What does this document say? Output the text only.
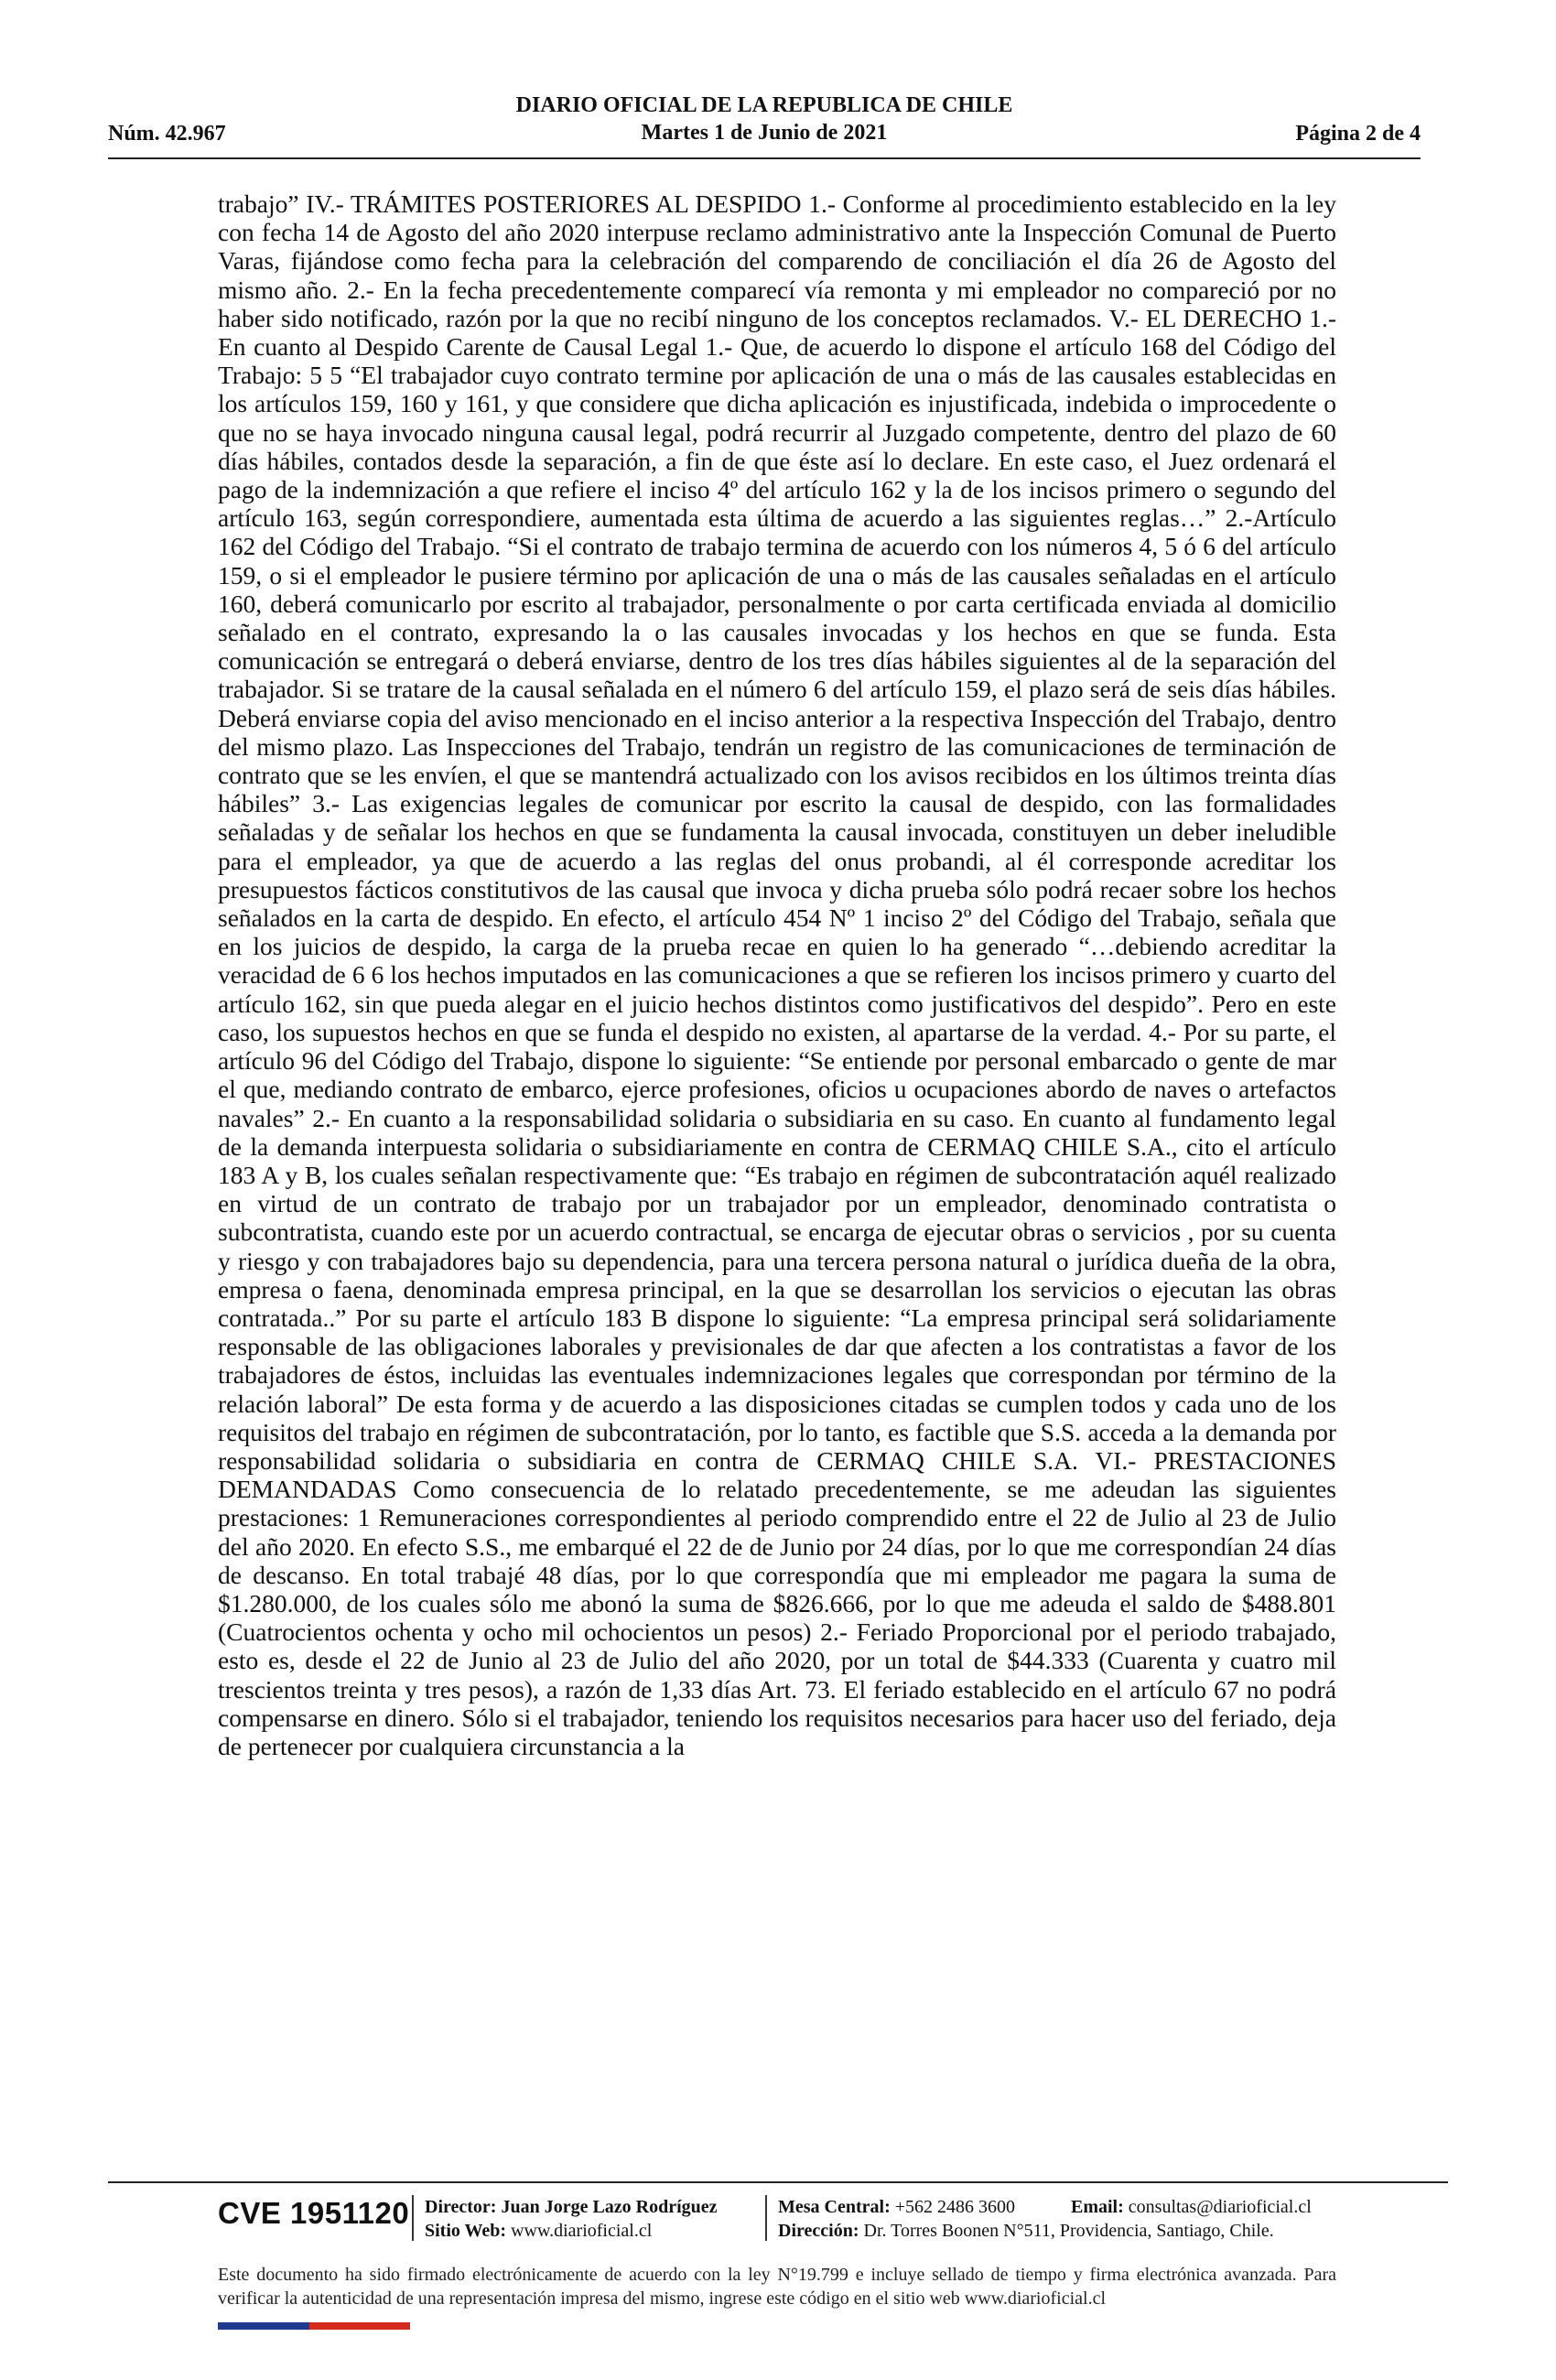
DIARIO OFICIAL DE LA REPUBLICA DE CHILE
Martes 1 de Junio de 2021
Núm. 42.967	Página 2 de 4
trabajo” IV.- TRÁMITES POSTERIORES AL DESPIDO 1.- Conforme al procedimiento establecido en la ley con fecha 14 de Agosto del año 2020 interpuse reclamo administrativo ante la Inspección Comunal de Puerto Varas, fijándose como fecha para la celebración del comparendo de conciliación el día 26 de Agosto del mismo año. 2.- En la fecha precedentemente comparecí vía remonta y mi empleador no compareció por no haber sido notificado, razón por la que no recibí ninguno de los conceptos reclamados. V.- EL DERECHO 1.- En cuanto al Despido Carente de Causal Legal 1.- Que, de acuerdo lo dispone el artículo 168 del Código del Trabajo: 5 5 “El trabajador cuyo contrato termine por aplicación de una o más de las causales establecidas en los artículos 159, 160 y 161, y que considere que dicha aplicación es injustificada, indebida o improcedente o que no se haya invocado ninguna causal legal, podrá recurrir al Juzgado competente, dentro del plazo de 60 días hábiles, contados desde la separación, a fin de que éste así lo declare. En este caso, el Juez ordenará el pago de la indemnización a que refiere el inciso 4º del artículo 162 y la de los incisos primero o segundo del artículo 163, según correspondiere, aumentada esta última de acuerdo a las siguientes reglas…” 2.-Artículo 162 del Código del Trabajo. “Si el contrato de trabajo termina de acuerdo con los números 4, 5 ó 6 del artículo 159, o si el empleador le pusiere término por aplicación de una o más de las causales señaladas en el artículo 160, deberá comunicarlo por escrito al trabajador, personalmente o por carta certificada enviada al domicilio señalado en el contrato, expresando la o las causales invocadas y los hechos en que se funda. Esta comunicación se entregará o deberá enviarse, dentro de los tres días hábiles siguientes al de la separación del trabajador. Si se tratare de la causal señalada en el número 6 del artículo 159, el plazo será de seis días hábiles. Deberá enviarse copia del aviso mencionado en el inciso anterior a la respectiva Inspección del Trabajo, dentro del mismo plazo. Las Inspecciones del Trabajo, tendrán un registro de las comunicaciones de terminación de contrato que se les envíen, el que se mantendrá actualizado con los avisos recibidos en los últimos treinta días hábiles” 3.- Las exigencias legales de comunicar por escrito la causal de despido, con las formalidades señaladas y de señalar los hechos en que se fundamenta la causal invocada, constituyen un deber ineludible para el empleador, ya que de acuerdo a las reglas del onus probandi, al él corresponde acreditar los presupuestos fácticos constitutivos de las causal que invoca y dicha prueba sólo podrá recaer sobre los hechos señalados en la carta de despido. En efecto, el artículo 454 Nº 1 inciso 2º del Código del Trabajo, señala que en los juicios de despido, la carga de la prueba recae en quien lo ha generado “…debiendo acreditar la veracidad de 6 6 los hechos imputados en las comunicaciones a que se refieren los incisos primero y cuarto del artículo 162, sin que pueda alegar en el juicio hechos distintos como justificativos del despido”. Pero en este caso, los supuestos hechos en que se funda el despido no existen, al apartarse de la verdad. 4.- Por su parte, el artículo 96 del Código del Trabajo, dispone lo siguiente: “Se entiende por personal embarcado o gente de mar el que, mediando contrato de embarco, ejerce profesiones, oficios u ocupaciones abordo de naves o artefactos navales” 2.- En cuanto a la responsabilidad solidaria o subsidiaria en su caso. En cuanto al fundamento legal de la demanda interpuesta solidaria o subsidiariamente en contra de CERMAQ CHILE S.A., cito el artículo 183 A y B, los cuales señalan respectivamente que: “Es trabajo en régimen de subcontratación aquél realizado en virtud de un contrato de trabajo por un trabajador por un empleador, denominado contratista o subcontratista, cuando este por un acuerdo contractual, se encarga de ejecutar obras o servicios , por su cuenta y riesgo y con trabajadores bajo su dependencia, para una tercera persona natural o jurídica dueña de la obra, empresa o faena, denominada empresa principal, en la que se desarrollan los servicios o ejecutan las obras contratada..” Por su parte el artículo 183 B dispone lo siguiente: “La empresa principal será solidariamente responsable de las obligaciones laborales y previsionales de dar que afecten a los contratistas a favor de los trabajadores de éstos, incluidas las eventuales indemnizaciones legales que correspondan por término de la relación laboral” De esta forma y de acuerdo a las disposiciones citadas se cumplen todos y cada uno de los requisitos del trabajo en régimen de subcontratación, por lo tanto, es factible que S.S. acceda a la demanda por responsabilidad solidaria o subsidiaria en contra de CERMAQ CHILE S.A. VI.- PRESTACIONES DEMANDADAS Como consecuencia de lo relatado precedentemente, se me adeudan las siguientes prestaciones: 1 Remuneraciones correspondientes al periodo comprendido entre el 22 de Julio al 23 de Julio del año 2020. En efecto S.S., me embarqué el 22 de de Junio por 24 días, por lo que me correspondían 24 días de descanso. En total trabajé 48 días, por lo que correspondía que mi empleador me pagara la suma de $1.280.000, de los cuales sólo me abonó la suma de $826.666, por lo que me adeuda el saldo de $488.801 (Cuatrocientos ochenta y ocho mil ochocientos un pesos) 2.- Feriado Proporcional por el periodo trabajado, esto es, desde el 22 de Junio al 23 de Julio del año 2020, por un total de $44.333 (Cuarenta y cuatro mil trescientos treinta y tres pesos), a razón de 1,33 días Art. 73. El feriado establecido en el artículo 67 no podrá compensarse en dinero. Sólo si el trabajador, teniendo los requisitos necesarios para hacer uso del feriado, deja de pertenecer por cualquiera circunstancia a la
CVE 1951120 Director: Juan Jorge Lazo Rodríguez
Sitio Web: www.diarioficial.cl
Mesa Central: +562 2486 3600	Email: consultas@diarioficial.cl
Dirección: Dr. Torres Boonen N°511, Providencia, Santiago, Chile.
Este documento ha sido firmado electrónicamente de acuerdo con la ley N°19.799 e incluye sellado de tiempo y firma electrónica avanzada. Para verificar la autenticidad de una representación impresa del mismo, ingrese este código en el sitio web www.diarioficial.cl
